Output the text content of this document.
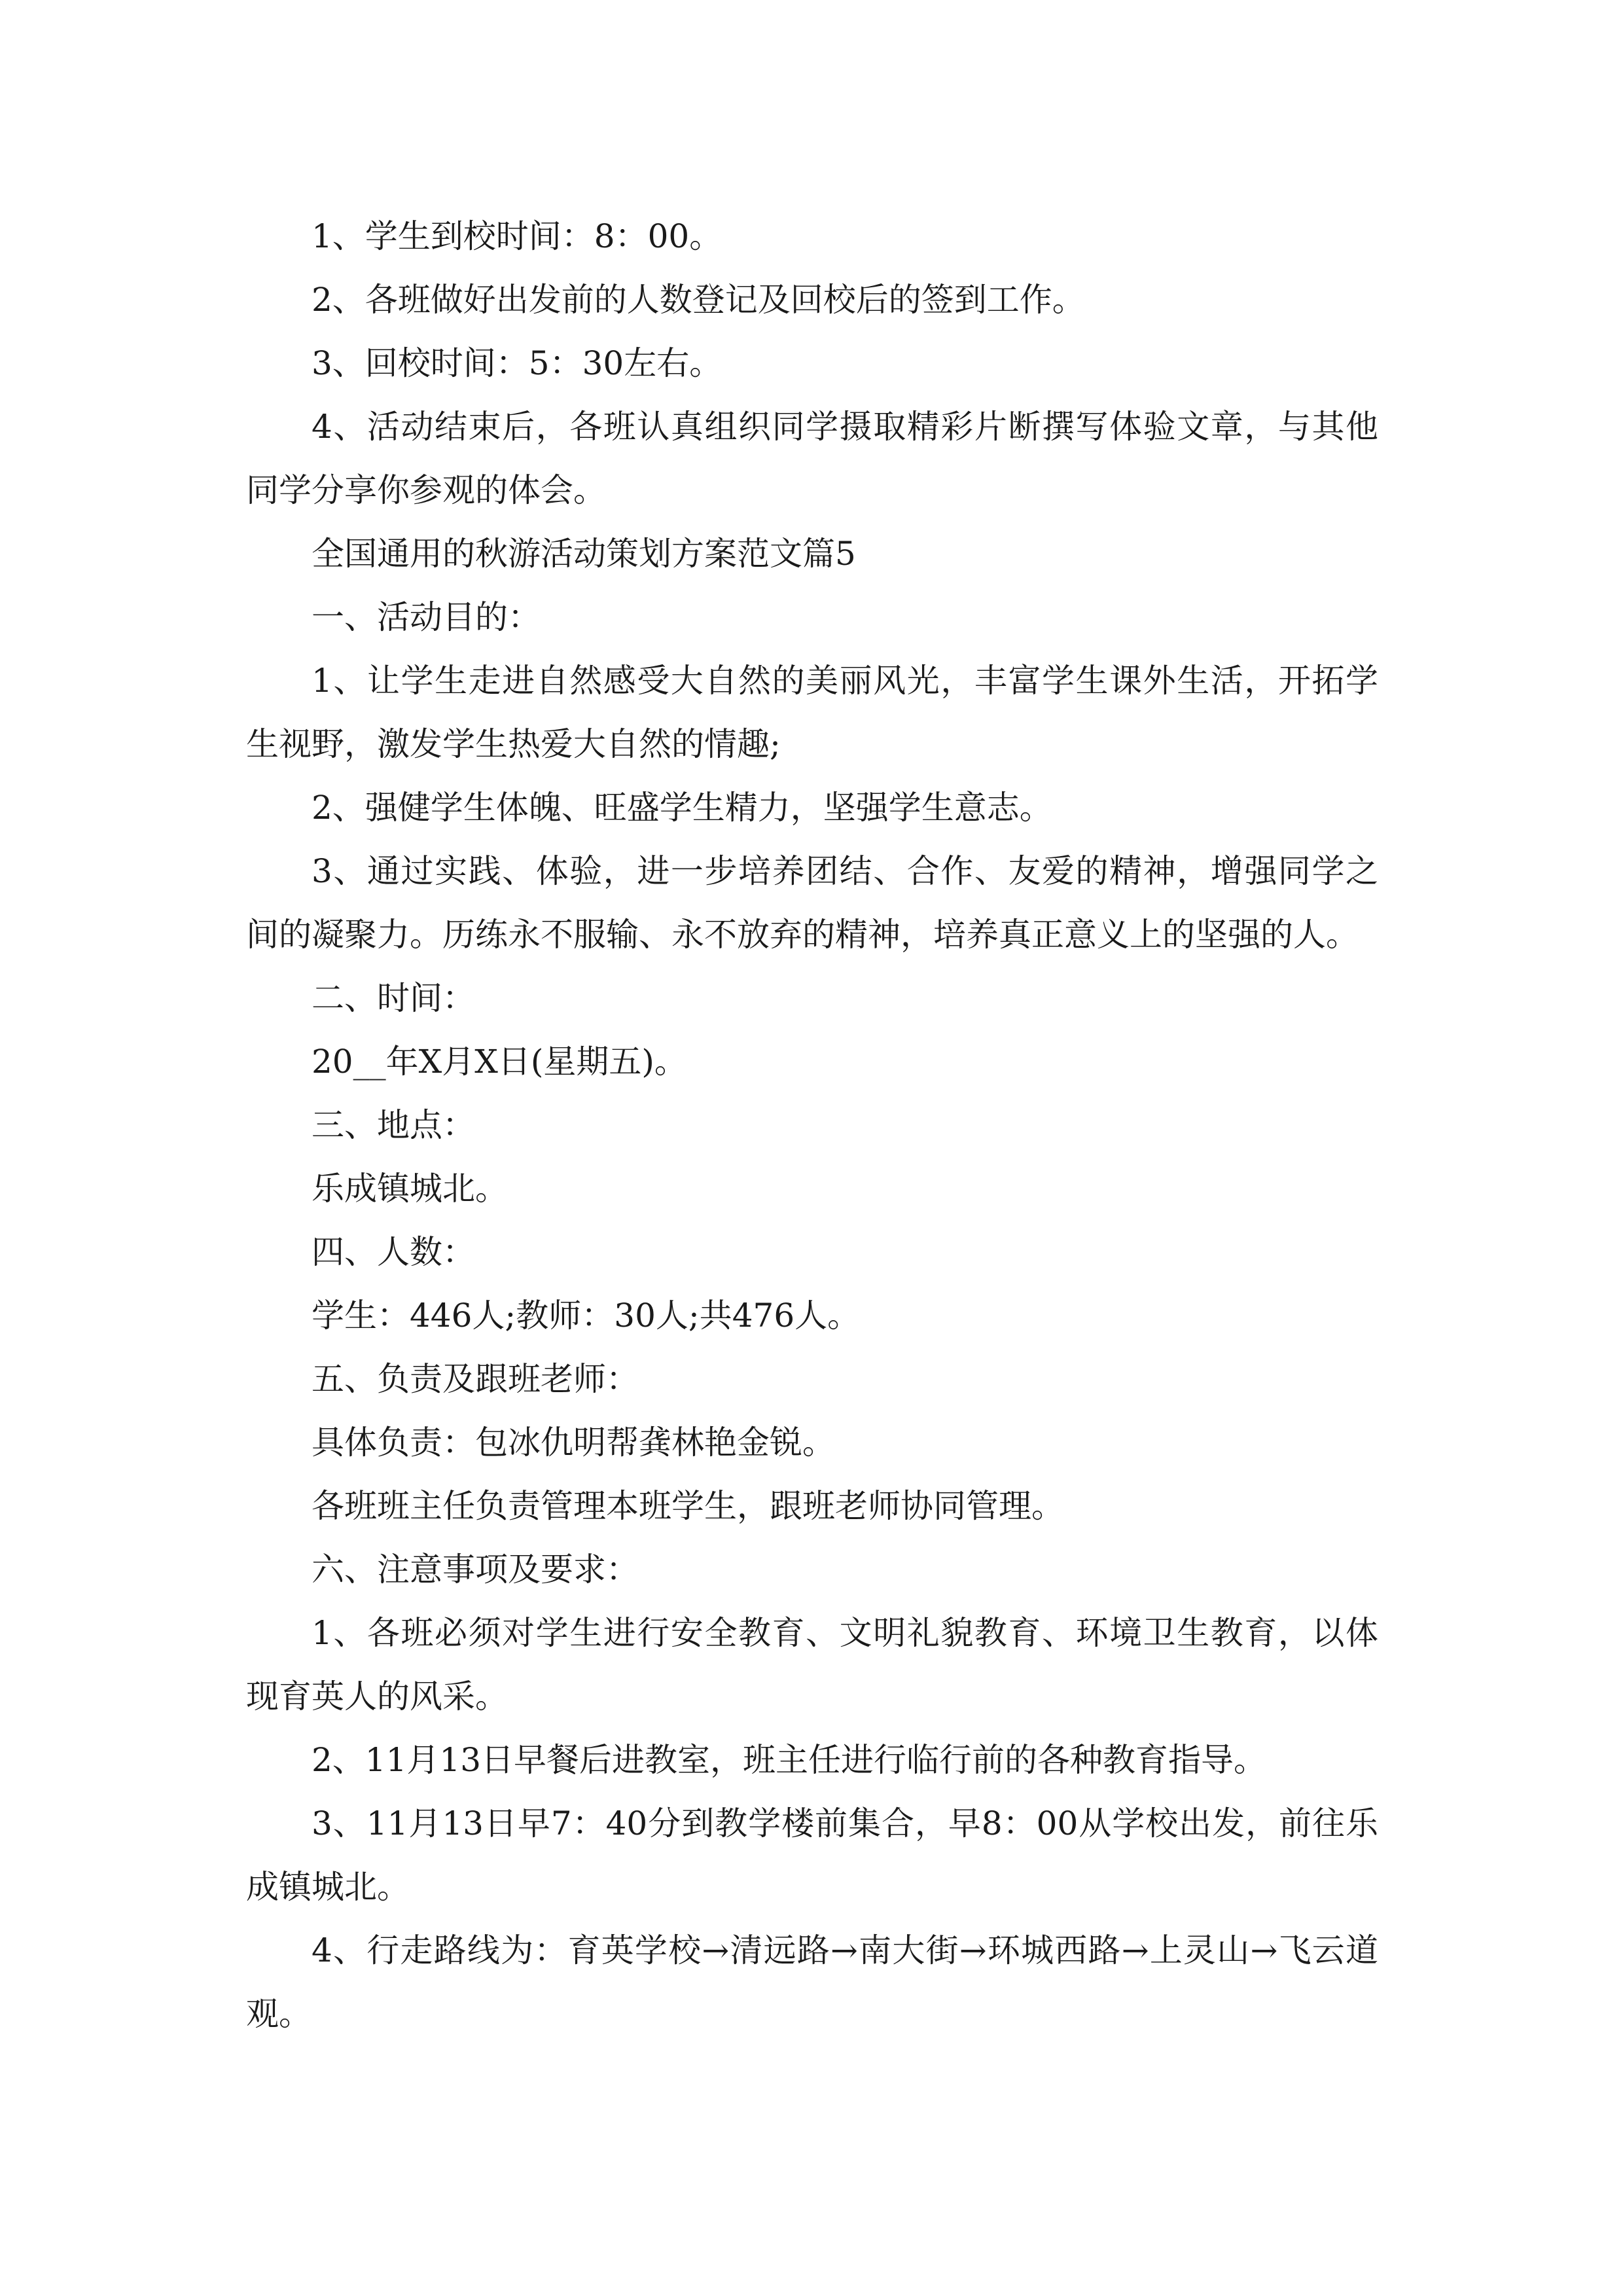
1、学生到校时间：8：00。

2、各班做好出发前的人数登记及回校后的签到工作。

3、回校时间：5：30左右。

4、活动结束后，各班认真组织同学摄取精彩片断撰写体验文章，与其他同学分享你参观的体会。

全国通用的秋游活动策划方案范文篇5

一、活动目的：

1、让学生走进自然感受大自然的美丽风光，丰富学生课外生活，开拓学生视野，激发学生热爱大自然的情趣;

2、强健学生体魄、旺盛学生精力，坚强学生意志。

3、通过实践、体验，进一步培养团结、合作、友爱的精神，增强同学之间的凝聚力。历练永不服输、永不放弃的精神，培养真正意义上的坚强的人。

二、时间：

20__年X月X日(星期五)。

三、地点：

乐成镇城北。

四、人数：

学生：446人;教师：30人;共476人。

五、负责及跟班老师：

具体负责：包冰仇明帮龚林艳金锐。

各班班主任负责管理本班学生，跟班老师协同管理。

六、注意事项及要求：

1、各班必须对学生进行安全教育、文明礼貌教育、环境卫生教育，以体现育英人的风采。

2、11月13日早餐后进教室，班主任进行临行前的各种教育指导。

3、11月13日早7：40分到教学楼前集合，早8：00从学校出发，前往乐成镇城北。

4、行走路线为：育英学校→清远路→南大街→环城西路→上灵山→飞云道观。
